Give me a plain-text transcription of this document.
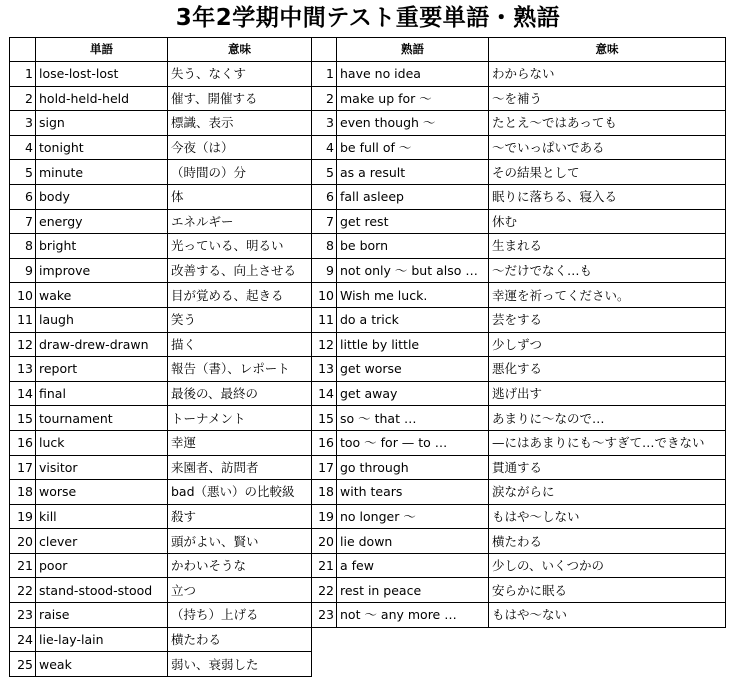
3年2学期中間テスト重要単語・熟語
	単語	意味
1	lose-lost-lost	失う、なくす
2	hold-held-held	催す、開催する
3	sign	標識、表示
4	tonight	今夜（は）
5	minute	（時間の）分
6	body	体
7	energy	エネルギー
8	bright	光っている、明るい
9	improve	改善する、向上させる
10	wake	目が覚める、起きる
11	laugh	笑う
12	draw-drew-drawn	描く
13	report	報告（書）、レポート
14	final	最後の、最終の
15	tournament	トーナメント
16	luck	幸運
17	visitor	来園者、訪問者
18	worse	bad（悪い）の比較級
19	kill	殺す
20	clever	頭がよい、賢い
21	poor	かわいそうな
22	stand-stood-stood	立つ
23	raise	（持ち）上げる
24	lie-lay-lain	横たわる
25	weak	弱い、衰弱した
	熟語	意味
1	have no idea	わからない
2	make up for ～	～を補う
3	even though ～	たとえ～ではあっても
4	be full of ～	～でいっぱいである
5	as a result	その結果として
6	fall asleep	眠りに落ちる、寝入る
7	get rest	休む
8	be born	生まれる
9	not only ～ but also …	～だけでなく…も
10	Wish me luck.	幸運を祈ってください。
11	do a trick	芸をする
12	little by little	少しずつ
13	get worse	悪化する
14	get away	逃げ出す
15	so ～ that …	あまりに～なので…
16	too ～ for — to …	—にはあまりにも～すぎて…できない
17	go through	貫通する
18	with tears	涙ながらに
19	no longer ～	もはや～しない
20	lie down	横たわる
21	a few	少しの、いくつかの
22	rest in peace	安らかに眠る
23	not ～ any more …	もはや～ない
